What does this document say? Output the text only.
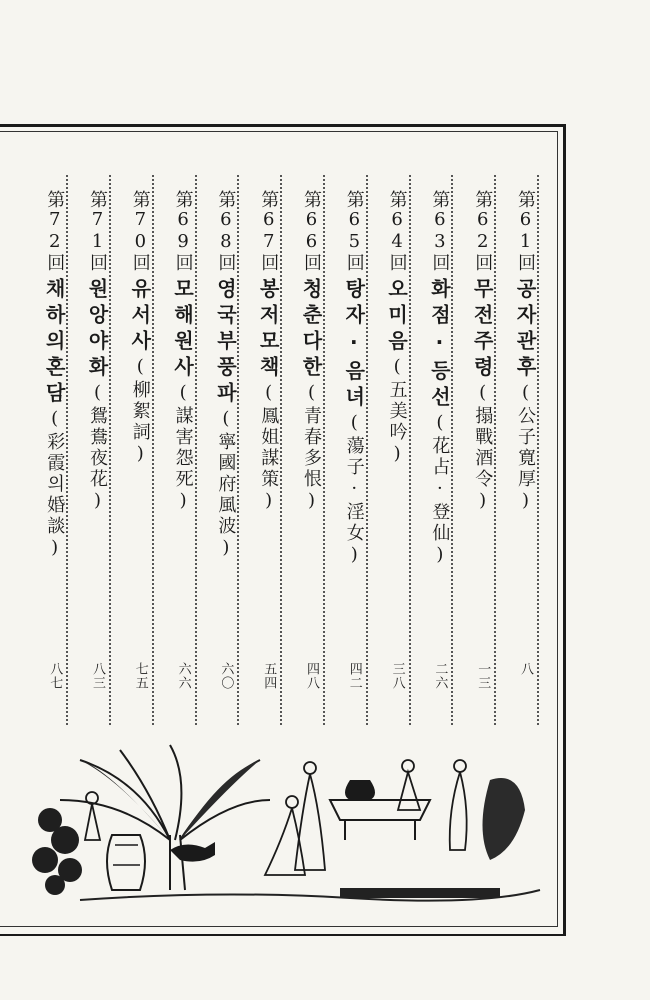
第61回공자관후(公子寛厚)
八
第62回무전주령(搨戰酒令)
一三
第63回화점·등선(花占·登仙)
二六
第64回오미음(五美吟)
三八
第65回탕자·음녀(蕩子·淫女)
四二
第66回청춘다한(青春多恨)
四八
第67回봉저모책(鳳姐謀策)
五四
第68回영국부풍파(寧國府風波)
六〇
第69回모해원사(謀害怨死)
六六
第70回유서사(柳絮詞)
七五
第71回원앙야화(鴛鴦夜花)
八三
第72回채하의혼담(彩霞의婚談)
八七
